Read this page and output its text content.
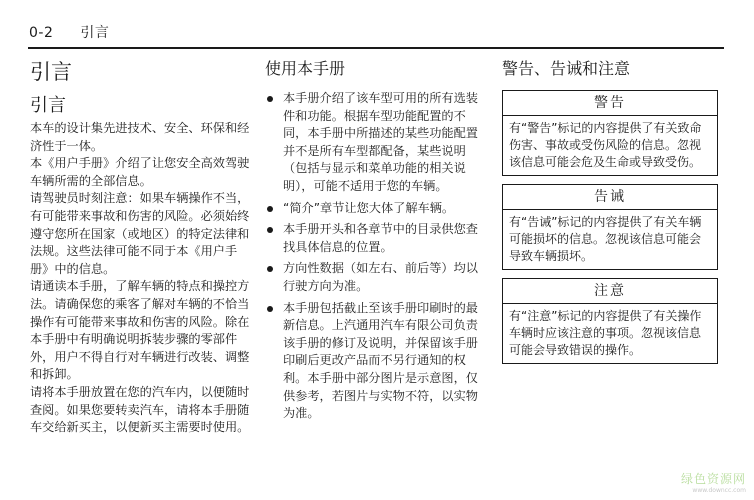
0-2 引言
引言
引言

本车的设计集先进技术、安全、环保和经济性于一体。

本《用户手册》介绍了让您安全高效驾驶车辆所需的全部信息。

请驾驶员时刻注意：如果车辆操作不当，有可能带来事故和伤害的风险。必须始终遵守您所在国家（或地区）的特定法律和法规。这些法律可能不同于本《用户手册》中的信息。

请通读本手册，了解车辆的特点和操控方法。请确保您的乘客了解对车辆的不恰当操作有可能带来事故和伤害的风险。除在本手册中有明确说明拆装步骤的零部件外，用户不得自行对车辆进行改装、调整和拆卸。

请将本手册放置在您的汽车内，以便随时查阅。如果您要转卖汽车，请将本手册随车交给新买主，以便新买主需要时使用。

使用本手册
本手册介绍了该车型可用的所有选装件和功能。根据车型功能配置的不同，本手册中所描述的某些功能配置并不是所有车型都配备，某些说明（包括与显示和菜单功能的相关说明），可能不适用于您的车辆。
“简介”章节让您大体了解车辆。
本手册开头和各章节中的目录供您查找具体信息的位置。
方向性数据（如左右、前后等）均以行驶方向为准。
本手册包括截止至该手册印刷时的最新信息。上汽通用汽车有限公司负责该手册的修订及说明，并保留该手册印刷后更改产品而不另行通知的权利。本手册中部分图片是示意图，仅供参考，若图片与实物不符，以实物为准。
警告、告诫和注意
警告
有“警告”标记的内容提供了有关致命伤害、事故或受伤风险的信息。忽视该信息可能会危及生命或导致受伤。
告诫
有“告诫”标记的内容提供了有关车辆可能损坏的信息。忽视该信息可能会导致车辆损坏。
注意
有“注意”标记的内容提供了有关操作车辆时应该注意的事项。忽视该信息可能会导致错误的操作。
绿色资源网
www.downcc.com
